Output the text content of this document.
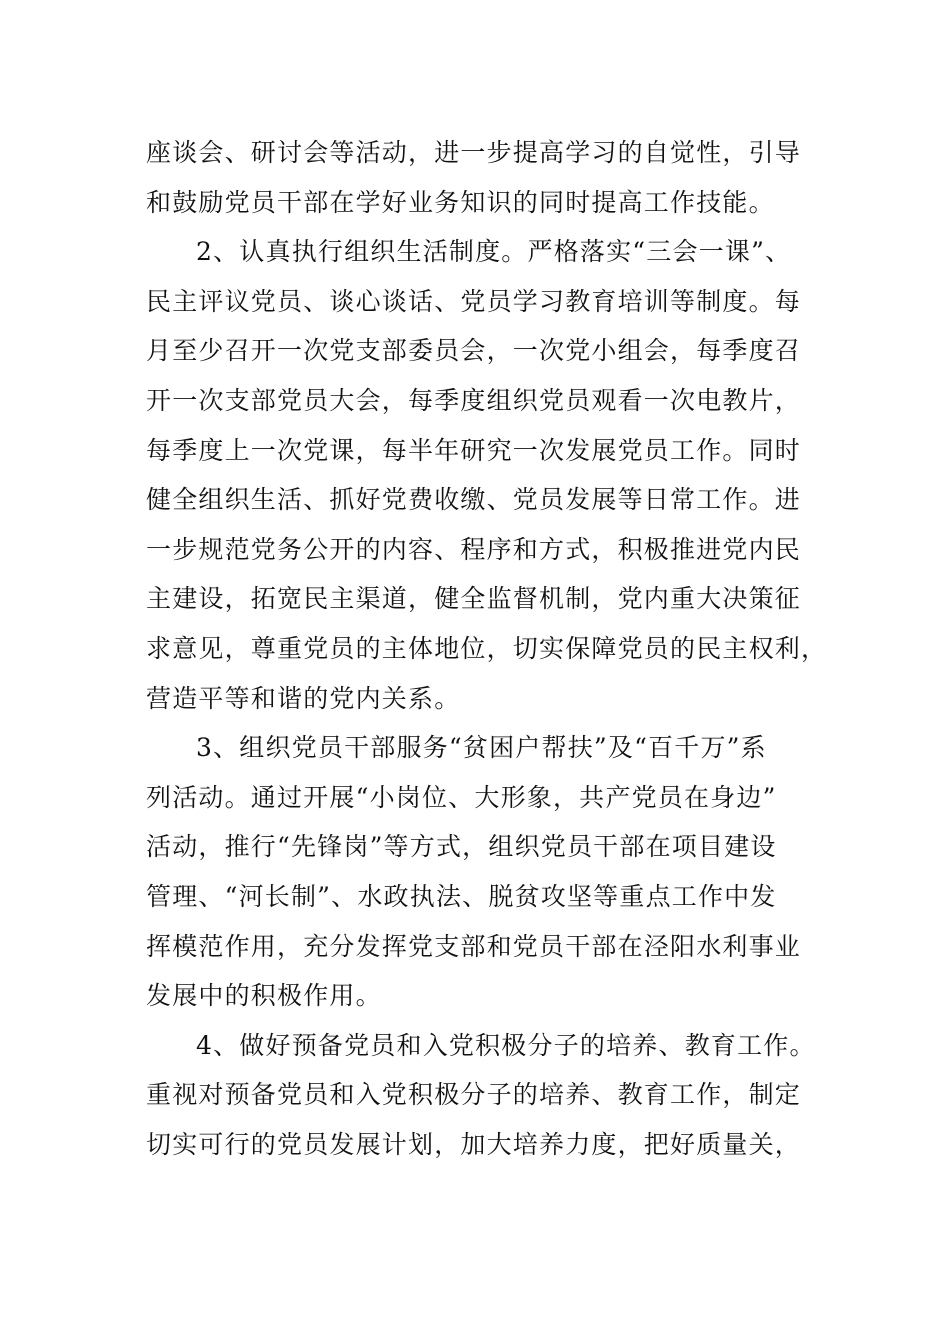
座谈会、研讨会等活动，进一步提高学习的自觉性，引导
和鼓励党员干部在学好业务知识的同时提高工作技能。
2、认真执行组织生活制度。严格落实“三会一课”、
民主评议党员、谈心谈话、党员学习教育培训等制度。每
月至少召开一次党支部委员会，一次党小组会，每季度召
开一次支部党员大会，每季度组织党员观看一次电教片，
每季度上一次党课，每半年研究一次发展党员工作。同时
健全组织生活、抓好党费收缴、党员发展等日常工作。进
一步规范党务公开的内容、程序和方式，积极推进党内民
主建设，拓宽民主渠道，健全监督机制，党内重大决策征
求意见，尊重党员的主体地位，切实保障党员的民主权利，
营造平等和谐的党内关系。
3、组织党员干部服务“贫困户帮扶”及“百千万”系
列活动。通过开展“小岗位、大形象，共产党员在身边”
活动，推行“先锋岗”等方式，组织党员干部在项目建设
管理、“河长制”、水政执法、脱贫攻坚等重点工作中发
挥模范作用，充分发挥党支部和党员干部在泾阳水利事业
发展中的积极作用。
4、做好预备党员和入党积极分子的培养、教育工作。
重视对预备党员和入党积极分子的培养、教育工作，制定
切实可行的党员发展计划，加大培养力度，把好质量关，
